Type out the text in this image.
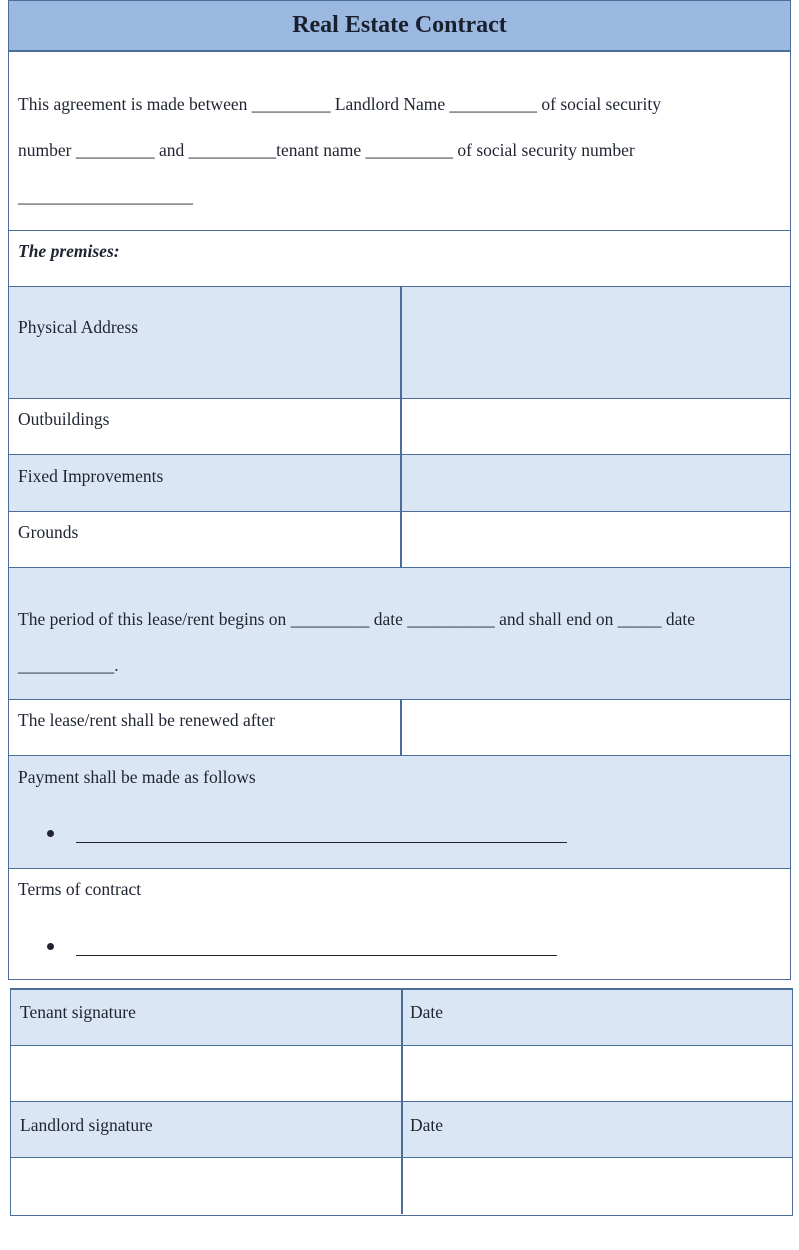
Real Estate Contract
This agreement is made between _________ Landlord Name __________ of social security
number _________ and __________tenant name __________ of social security number
____________________
The premises:
Physical Address
Outbuildings
Fixed Improvements
Grounds
The period of this lease/rent begins on _________ date __________ and shall end on _____ date
___________.
The lease/rent shall be renewed after
Payment shall be made as follows
Terms of contract
Tenant signature	Date
Landlord signature	Date
